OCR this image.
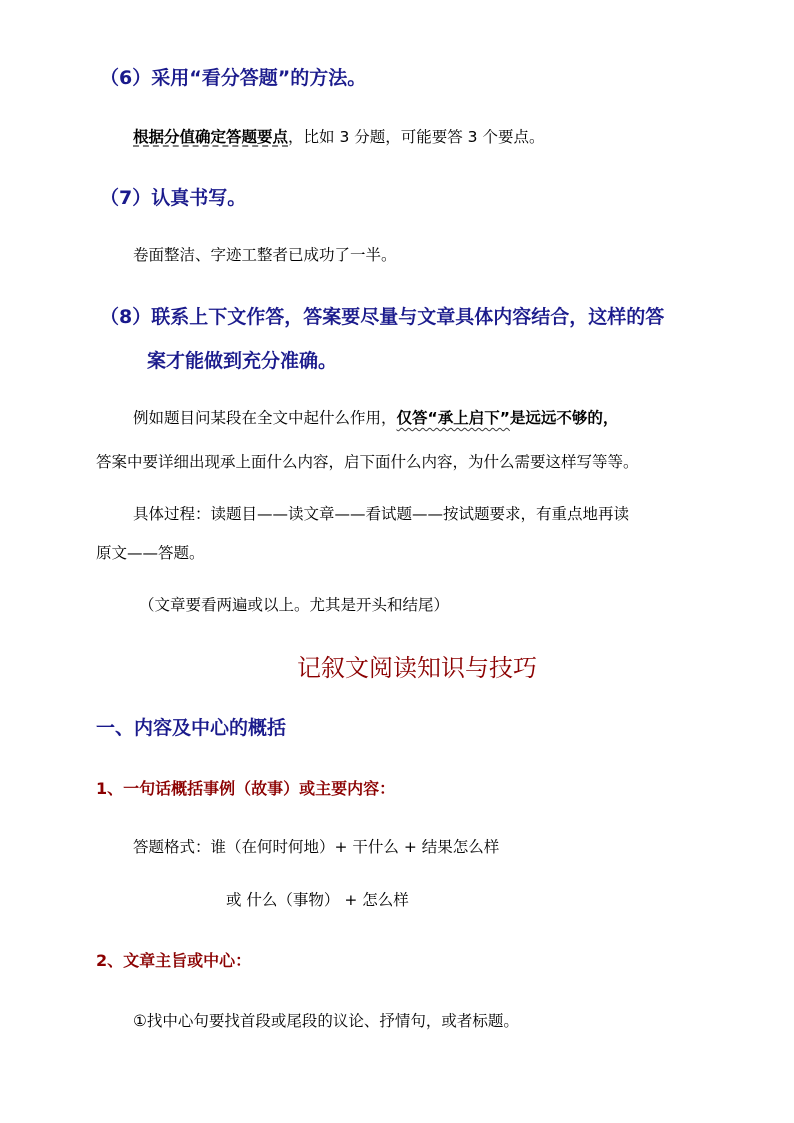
（6）采用“看分答题”的方法。
根据分值确定答题要点，比如 3 分题，可能要答 3 个要点。
（7）认真书写。
卷面整洁、字迹工整者已成功了一半。
（8）联系上下文作答，答案要尽量与文章具体内容结合，这样的答
案才能做到充分准确。
例如题目问某段在全文中起什么作用，仅答“承上启下”是远远不够的，
答案中要详细出现承上面什么内容，启下面什么内容，为什么需要这样写等等。
具体过程：读题目——读文章——看试题——按试题要求，有重点地再读
原文——答题。
（文章要看两遍或以上。尤其是开头和结尾）
记叙文阅读知识与技巧
一、内容及中心的概括
1、一句话概括事例（故事）或主要内容：
答题格式：谁（在何时何地）+ 干什么 + 结果怎么样
或 什么（事物） + 怎么样
2、文章主旨或中心：
①找中心句要找首段或尾段的议论、抒情句，或者标题。
